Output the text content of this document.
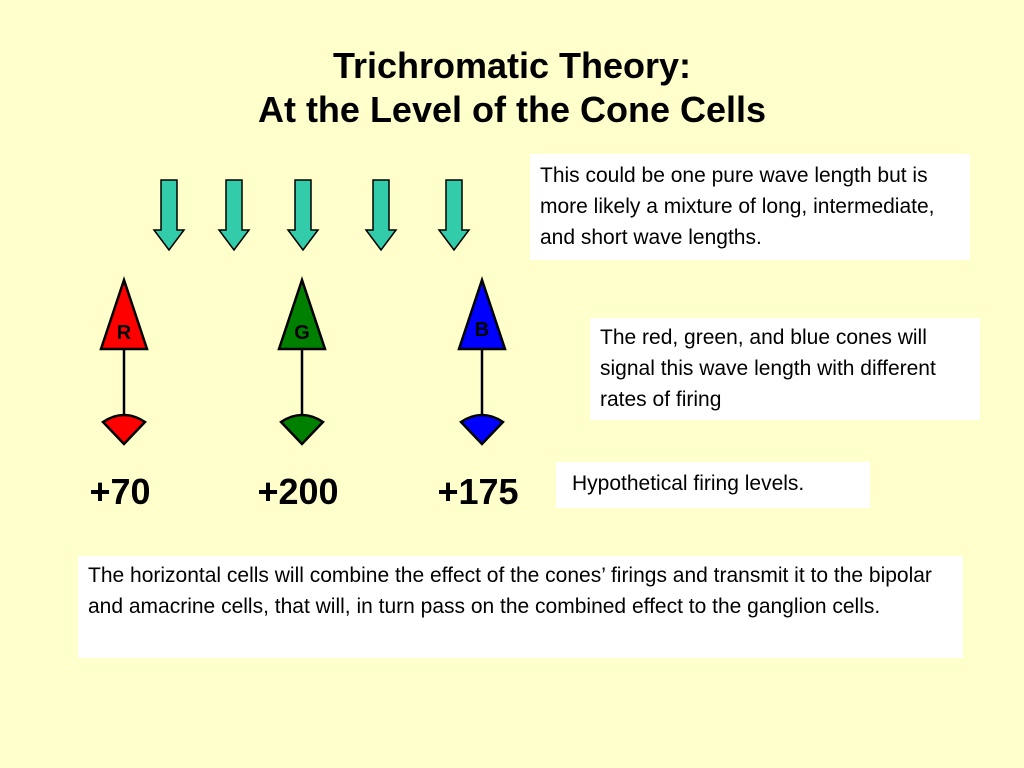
Trichromatic Theory:
At the Level of the Cone Cells
R	G	B
This could be one pure wave length but is more likely a mixture of long, intermediate, and short wave lengths.
The red, green, and blue cones will signal this wave length with different rates of firing
Hypothetical firing levels.
+70	+200	+175
The horizontal cells will combine the effect of the cones’ firings and transmit it to the bipolar and amacrine cells, that will, in turn pass on the combined effect to the ganglion cells.
